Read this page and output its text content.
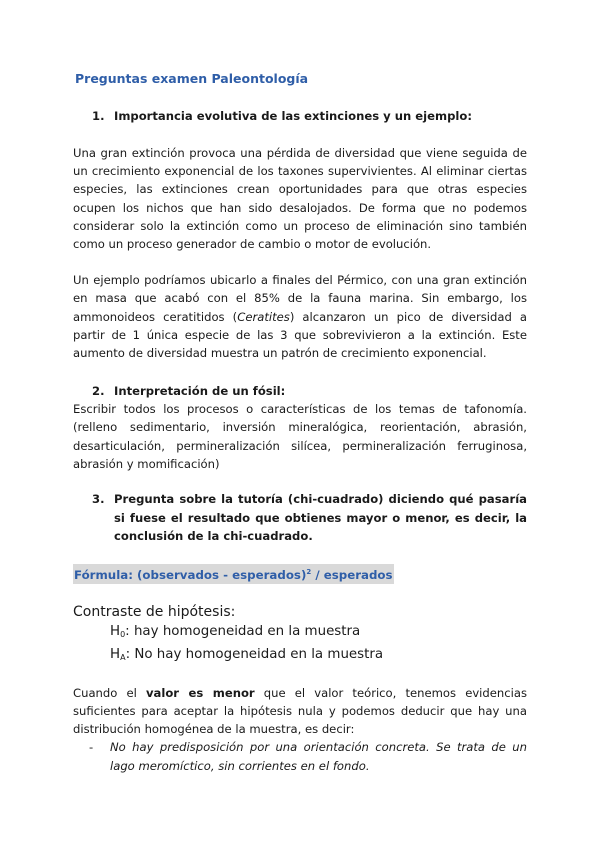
Preguntas examen Paleontología
1. Importancia evolutiva de las extinciones y un ejemplo:

Una gran extinción provoca una pérdida de diversidad que viene seguida de un crecimiento exponencial de los taxones supervivientes. Al eliminar ciertas especies, las extinciones crean oportunidades para que otras especies ocupen los nichos que han sido desalojados. De forma que no podemos considerar solo la extinción como un proceso de eliminación sino también como un proceso generador de cambio o motor de evolución.

Un ejemplo podríamos ubicarlo a finales del Pérmico, con una gran extinción en masa que acabó con el 85% de la fauna marina. Sin embargo, los ammonoideos ceratitidos (Ceratites) alcanzaron un pico de diversidad a partir de 1 única especie de las 3 que sobrevivieron a la extinción. Este aumento de diversidad muestra un patrón de crecimiento exponencial.

2. Interpretación de un fósil:

Escribir todos los procesos o características de los temas de tafonomía. (relleno sedimentario, inversión mineralógica, reorientación, abrasión, desarticulación, permineralización silícea, permineralización ferruginosa, abrasión y momificación)

3. Pregunta sobre la tutoría (chi-cuadrado) diciendo qué pasaría si fuese el resultado que obtienes mayor o menor, es decir, la conclusión de la chi-cuadrado.
Fórmula: (observados - esperados)$^2$ / esperados
Contraste de hipótesis:
$H_0$: hay homogeneidad en la muestra
$H_A$: No hay homogeneidad en la muestra

Cuando el valor es menor que el valor teórico, tenemos evidencias suficientes para aceptar la hipótesis nula y podemos deducir que hay una distribución homogénea de la muestra, es decir:

-	No hay predisposición por una orientación concreta. Se trata de un lago meromíctico, sin corrientes en el fondo.
